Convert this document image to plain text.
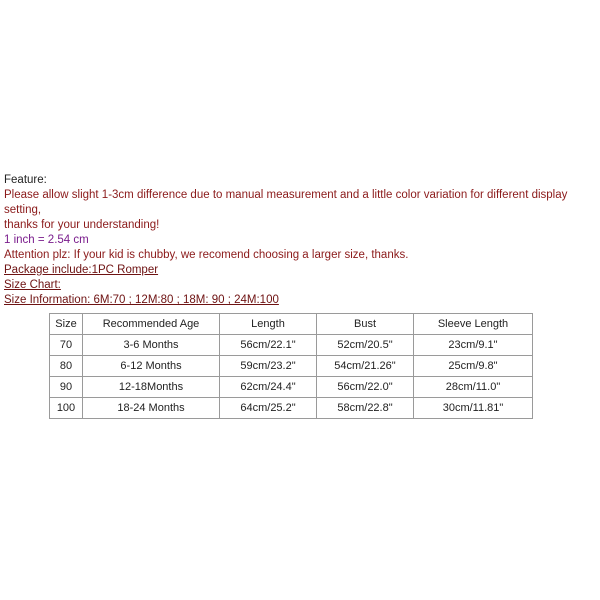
Feature:
Please allow slight 1-3cm difference due to manual measurement and a little color variation for different display setting,
thanks for your understanding!
1 inch = 2.54 cm
Attention plz: If your kid is chubby, we recomend choosing a larger size, thanks.
Package include:1PC Romper
Size Chart:
Size Information: 6M:70 ; 12M:80 ; 18M: 90 ; 24M:100
Size	Recommended Age	Length	Bust	Sleeve Length
70	3-6 Months	56cm/22.1"	52cm/20.5"	23cm/9.1"
80	6-12 Months	59cm/23.2"	54cm/21.26"	25cm/9.8"
90	12-18Months	62cm/24.4"	56cm/22.0"	28cm/11.0"
100	18-24 Months	64cm/25.2"	58cm/22.8"	30cm/11.81"
